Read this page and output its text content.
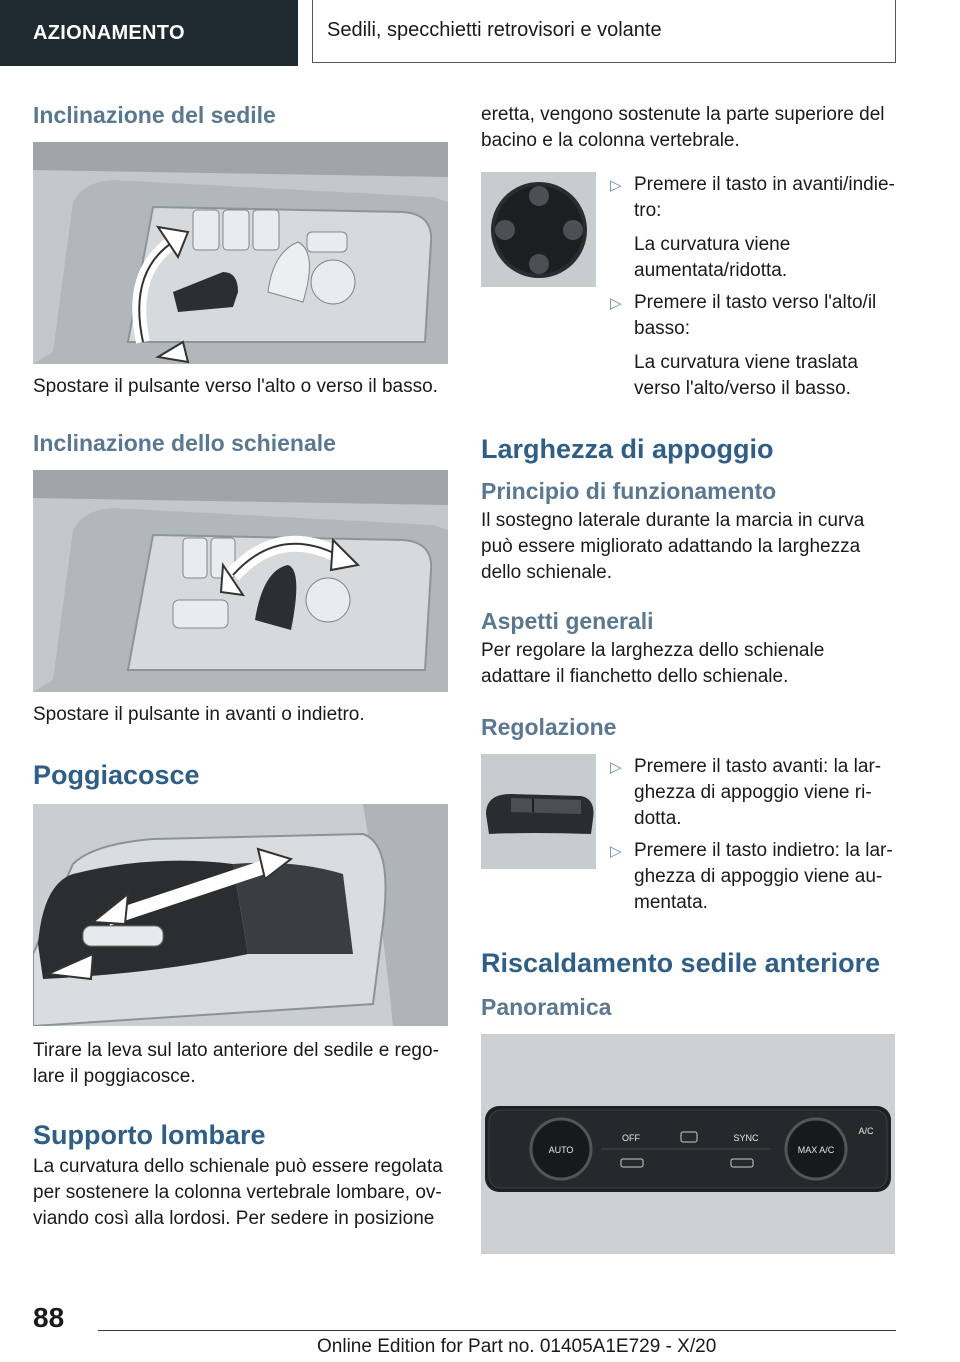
AZIONAMENTO	Sedili, specchietti retrovisori e volante
Inclinazione del sedile

Spostare il pulsante verso l'alto o verso il basso.

Inclinazione dello schienale

Spostare il pulsante in avanti o indietro.

Poggiacosce

Tirare la leva sul lato anteriore del sedile e rego-lare il poggiacosce.

Supporto lombare

La curvatura dello schienale può essere regolata per sostenere la colonna vertebrale lombare, ov-viando così alla lordosi. Per sedere in posizione

eretta, vengono sostenute la parte superiore del bacino e la colonna vertebrale.

▷ Premere il tasto in avanti/indie-tro:
La curvatura viene aumentata/ridotta.
▷ Premere il tasto verso l'alto/il basso:
La curvatura viene traslata verso l'alto/verso il basso.
Larghezza di appoggio
Principio di funzionamento

Il sostegno laterale durante la marcia in curva può essere migliorato adattando la larghezza dello schienale.

Aspetti generali

Per regolare la larghezza dello schienale adattare il fianchetto dello schienale.

Regolazione
▷ Premere il tasto avanti: la lar-ghezza di appoggio viene ri-dotta.
▷ Premere il tasto indietro: la lar-ghezza di appoggio viene au-mentata.
Riscaldamento sedile anteriore
Panoramica
AUTO
OFF	SYNC
MAX A/C
A/C
88
Online Edition for Part no. 01405A1E729 - X/20
